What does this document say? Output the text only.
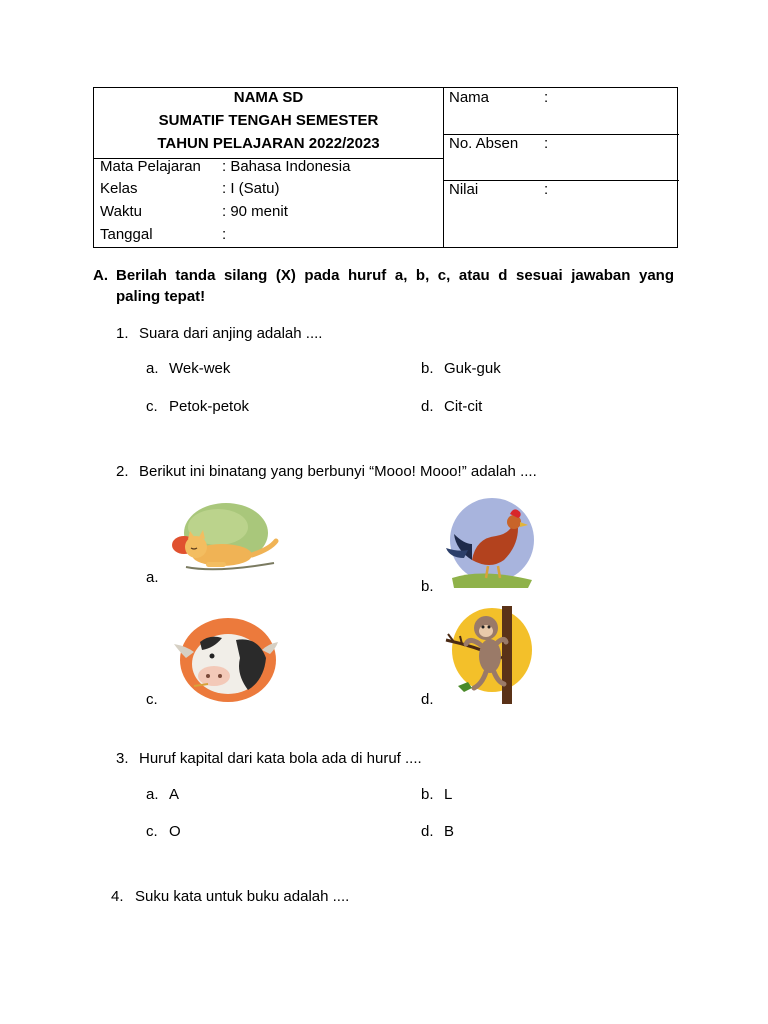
NAMA SD
SUMATIF TENGAH SEMESTER
TAHUN PELAJARAN 2022/2023
Mata Pelajaran : Bahasa Indonesia
Kelas	: I (Satu)
Waktu	: 90 menit
Tanggal	:
Nama	:
No. Absen :
Nilai	:
A. Berilah tanda silang (X) pada huruf a, b, c, atau d sesuai jawaban yang
paling tepat!
1. Suara dari anjing adalah ....
a. Wek-wek	b. Guk-guk
c. Petok-petok	d. Cit-cit
2. Berikut ini binatang yang berbunyi “Mooo! Mooo!” adalah ....
a.
b.
c.	d.
3. Huruf kapital dari kata bola ada di huruf ....
a. A	b. L
c. O	d. B
4. Suku kata untuk buku adalah ....
